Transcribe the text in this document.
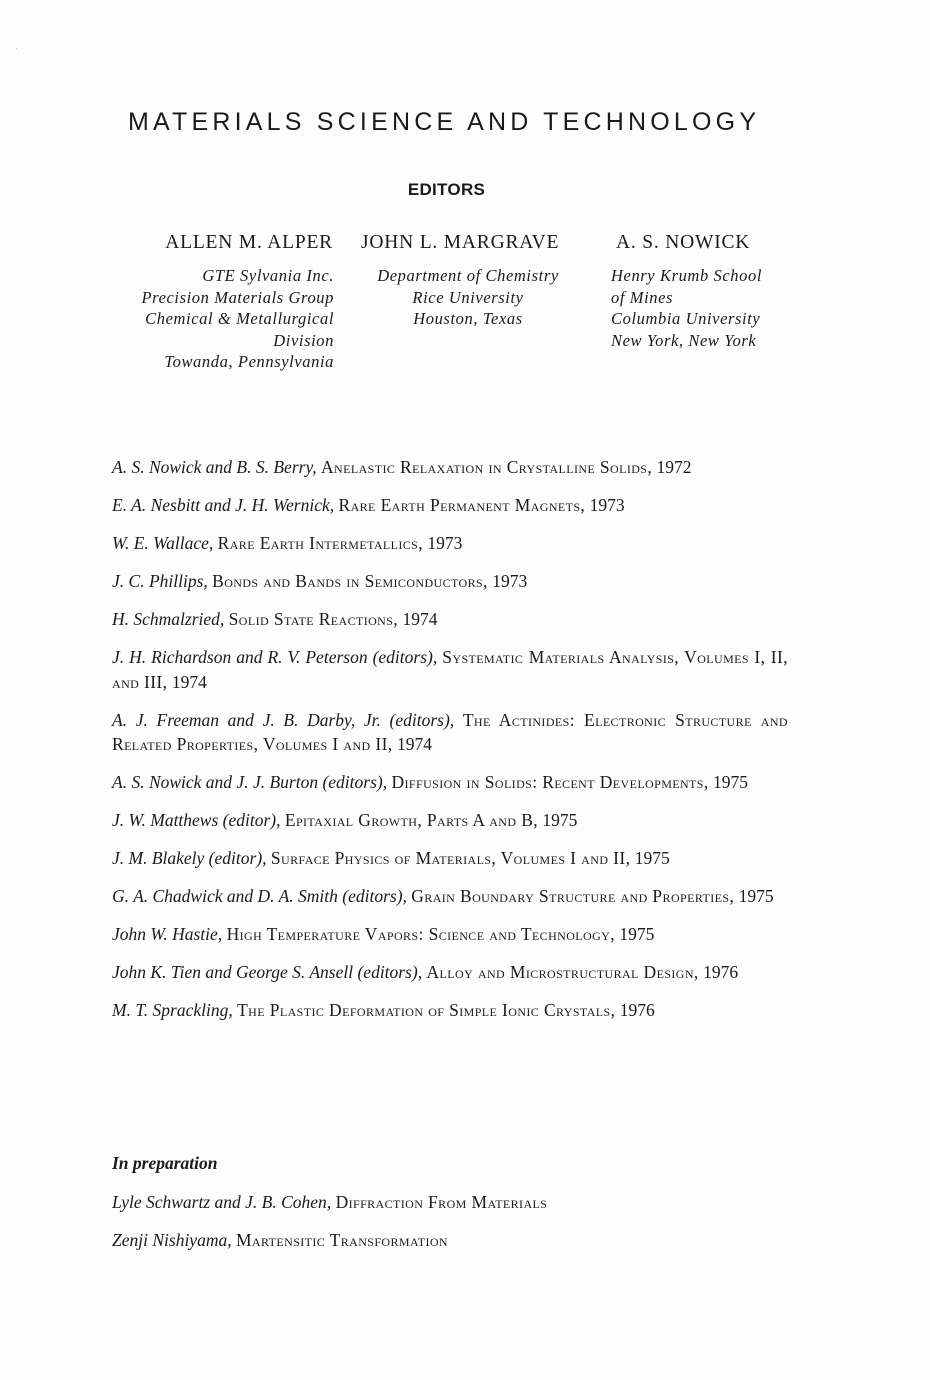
MATERIALS SCIENCE AND TECHNOLOGY
EDITORS
ALLEN M. ALPER
GTE Sylvania Inc.
Precision Materials Group
Chemical & Metallurgical
Division
Towanda, Pennsylvania
JOHN L. MARGRAVE
Department of Chemistry
Rice University
Houston, Texas
A. S. NOWICK
Henry Krumb School
of Mines
Columbia University
New York, New York
A. S. Nowick and B. S. Berry, Anelastic Relaxation in Crystalline Solids, 1972
E. A. Nesbitt and J. H. Wernick, Rare Earth Permanent Magnets, 1973
W. E. Wallace, Rare Earth Intermetallics, 1973
J. C. Phillips, Bonds and Bands in Semiconductors, 1973
H. Schmalzried, Solid State Reactions, 1974
J. H. Richardson and R. V. Peterson (editors), Systematic Materials Analysis, Volumes I, II, and III, 1974
A. J. Freeman and J. B. Darby, Jr. (editors), The Actinides: Electronic Structure and Related Properties, Volumes I and II, 1974
A. S. Nowick and J. J. Burton (editors), Diffusion in Solids: Recent Developments, 1975
J. W. Matthews (editor), Epitaxial Growth, Parts A and B, 1975
J. M. Blakely (editor), Surface Physics of Materials, Volumes I and II, 1975
G. A. Chadwick and D. A. Smith (editors), Grain Boundary Structure and Properties, 1975
John W. Hastie, High Temperature Vapors: Science and Technology, 1975
John K. Tien and George S. Ansell (editors), Alloy and Microstructural Design, 1976
M. T. Sprackling, The Plastic Deformation of Simple Ionic Crystals, 1976
In preparation
Lyle Schwartz and J. B. Cohen, Diffraction From Materials
Zenji Nishiyama, Martensitic Transformation
